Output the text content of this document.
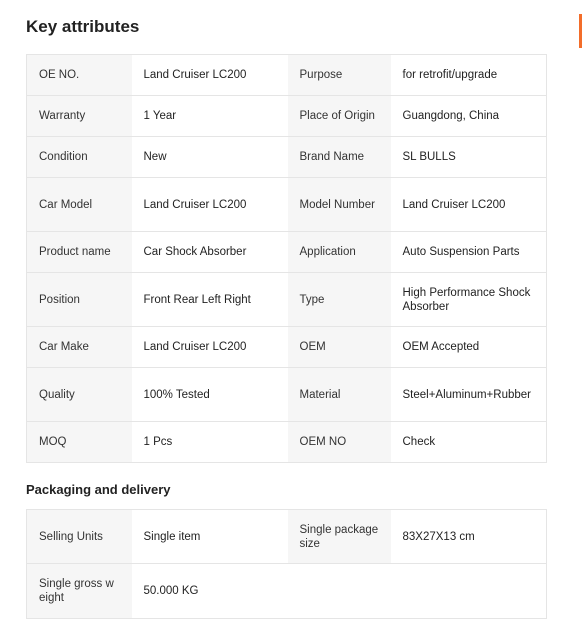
Key attributes
OE NO.	Land Cruiser LC200	Purpose	for retrofit/upgrade
Warranty	1 Year	Place of Origin	Guangdong, China
Condition	New	Brand Name	SL BULLS
Car Model	Land Cruiser LC200	Model Number	Land Cruiser LC200
Product name	Car Shock Absorber	Application	Auto Suspension Parts
Position	Front Rear Left Right	Type	High Performance Shock Absorber
Car Make	Land Cruiser LC200	OEM	OEM Accepted
Quality	100% Tested	Material	Steel+Aluminum+Rubber
MOQ	1 Pcs	OEM NO	Check
Packaging and delivery
Selling Units	Single item	Single package size	83X27X13 cm
Single gross weight	50.000 KG		
